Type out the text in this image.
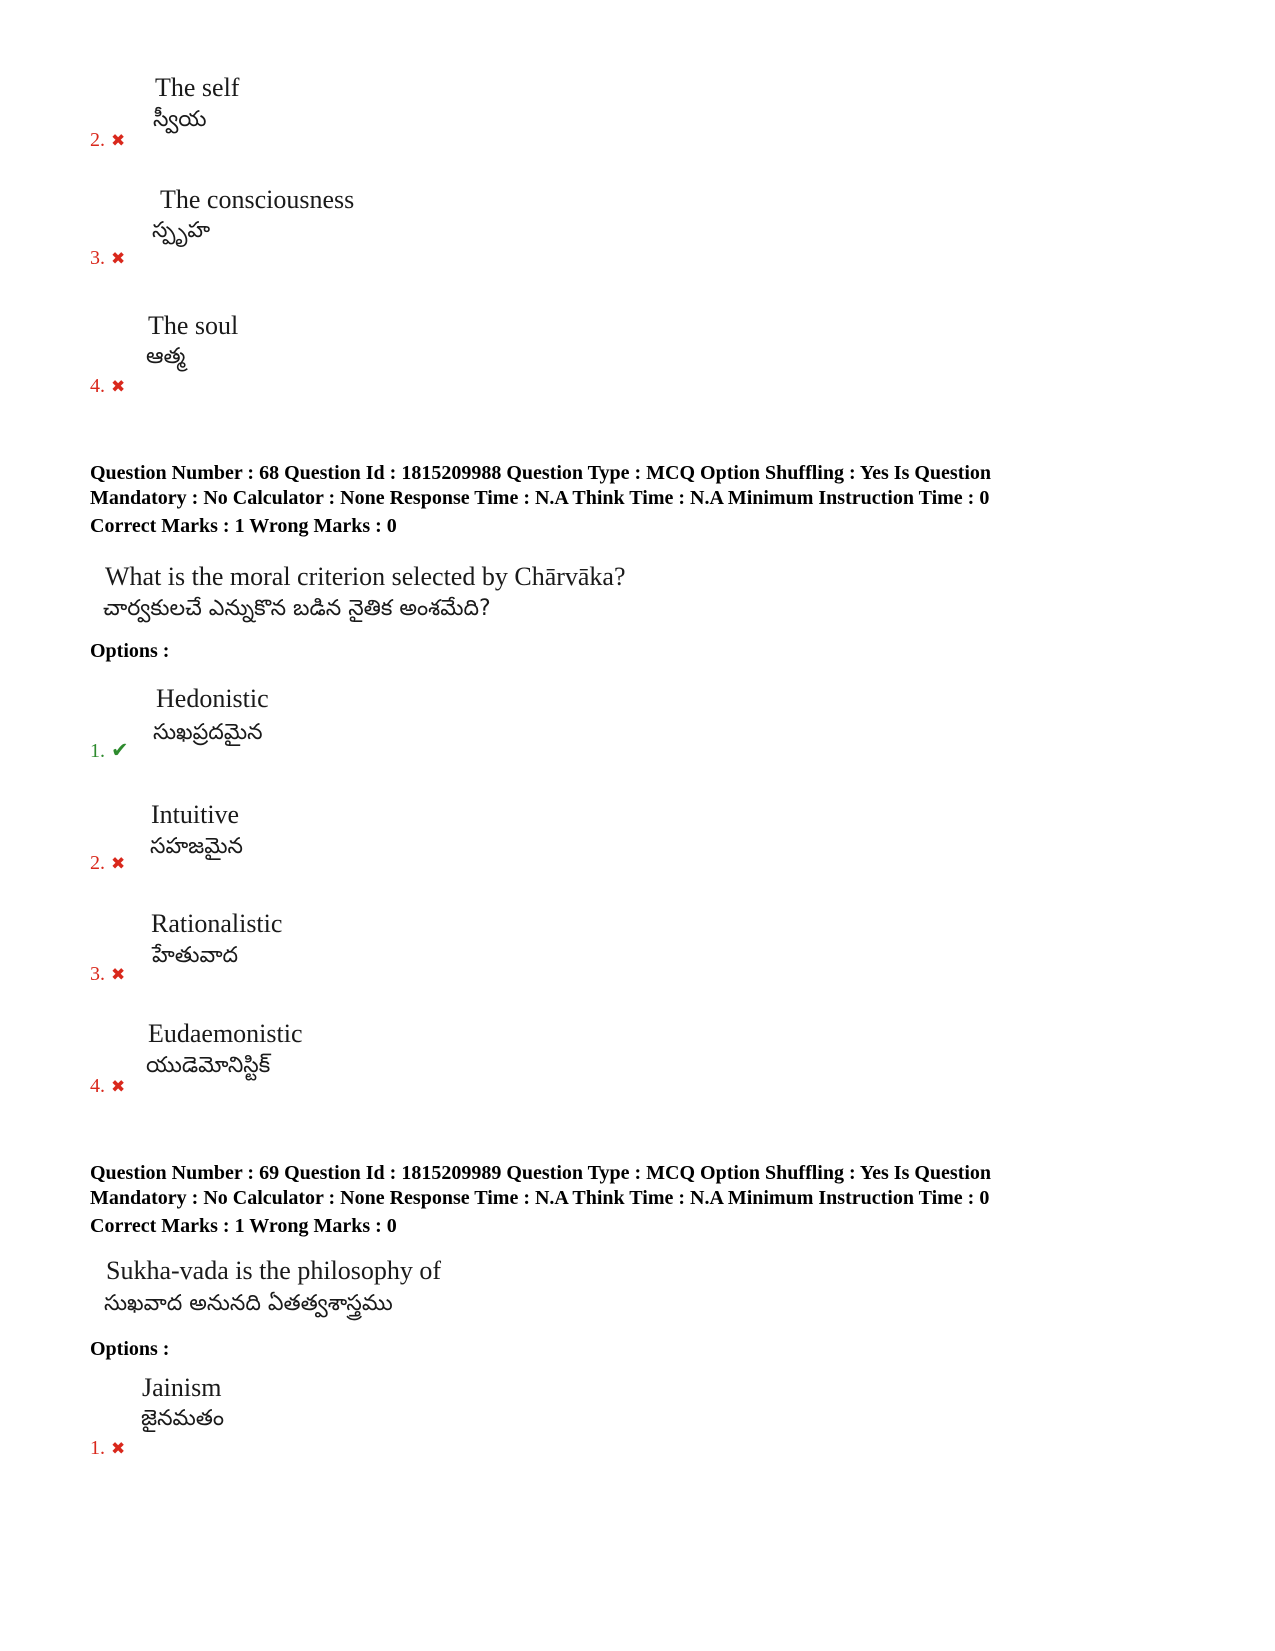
The self
స్వీయ
2. ✖
The consciousness
స్పృహ
3. ✖
The soul
ఆత్మ
4. ✖
Question Number : 68 Question Id : 1815209988 Question Type : MCQ Option Shuffling : Yes Is Question
Mandatory : No Calculator : None Response Time : N.A Think Time : N.A Minimum Instruction Time : 0
Correct Marks : 1 Wrong Marks : 0
What is the moral criterion selected by Chārvāka?
చార్వకులచే ఎన్నుకొన బడిన నైతిక అంశమేది?
Options :
Hedonistic
సుఖప్రదమైన
1. ✔
Intuitive
సహజమైన
2. ✖
Rationalistic
హేతువాద
3. ✖
Eudaemonistic
యుడెమోనిస్టిక్
4. ✖
Question Number : 69 Question Id : 1815209989 Question Type : MCQ Option Shuffling : Yes Is Question
Mandatory : No Calculator : None Response Time : N.A Think Time : N.A Minimum Instruction Time : 0
Correct Marks : 1 Wrong Marks : 0
Sukha-vada is the philosophy of
సుఖవాద అనునది ఏతత్వశాస్త్రము
Options :
Jainism
జైనమతం
1. ✖
